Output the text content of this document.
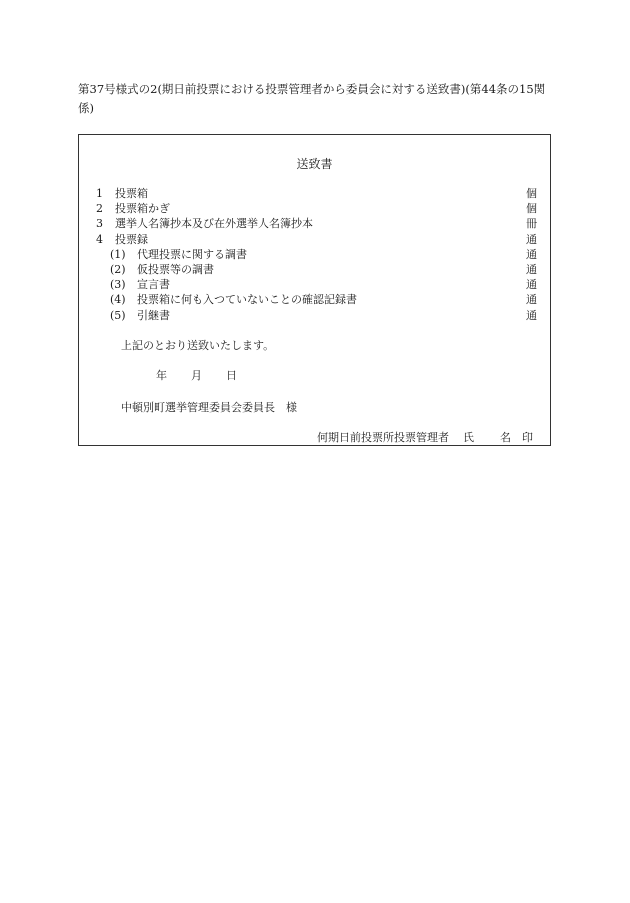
第37号様式の2(期日前投票における投票管理者から委員会に対する送致書)(第44条の15関係)
送致書
1 投票箱	個
2 投票箱かぎ	個
3 選挙人名簿抄本及び在外選挙人名簿抄本	冊
4 投票録	通
(1) 代理投票に関する調書	通
(2) 仮投票等の調書	通
(3) 宣言書	通
(4) 投票箱に何も入つていないことの確認記録書	通
(5) 引継書	通
上記のとおり送致いたします。
年 月 日
中頓別町選挙管理委員会委員長　様
何期日前投票所投票管理者 氏 名 印
